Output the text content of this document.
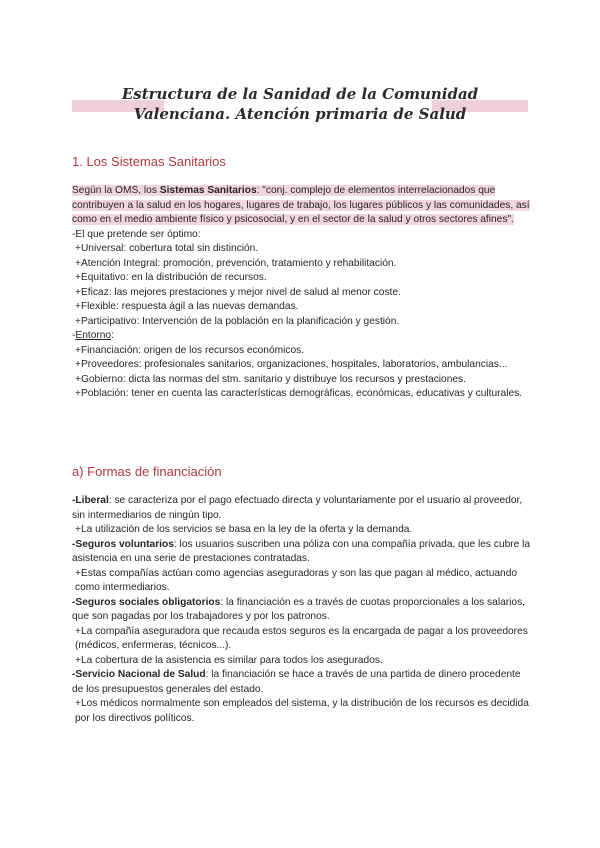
Estructura de la Sanidad de la Comunidad
Valenciana. Atención primaria de Salud
1. Los Sistemas Sanitarios

Según la OMS, los Sistemas Sanitarios: "conj. complejo de elementos interrelacionados que contribuyen a la salud en los hogares, lugares de trabajo, los lugares públicos y las comunidades, así como en el medio ambiente físico y psicosocial, y en el sector de la salud y otros sectores afines".

-El que pretende ser óptimo:

+Universal: cobertura total sin distinción.

+Atención Integral: promoción, prevención, tratamiento y rehabilitación.

+Equitativo: en la distribución de recursos.

+Eficaz: las mejores prestaciones y mejor nivel de salud al menor coste.

+Flexible: respuesta ágil a las nuevas demandas.

+Participativo: Intervención de la población en la planificación y gestión.

-Entorno:

+Financiación: origen de los recursos económicos.

+Proveedores: profesionales sanitarios, organizaciones, hospitales, laboratorios, ambulancias...

+Gobierno: dicta las normas del stm. sanitario y distribuye los recursos y prestaciones.

+Población: tener en cuenta las características demográficas, económicas, educativas y culturales.

a) Formas de financiación

-Liberal: se caracteriza por el pago efectuado directa y voluntariamente por el usuario al proveedor, sin intermediarios de ningún tipo.

+La utilización de los servicios se basa en la ley de la oferta y la demanda.

-Seguros voluntarios: los usuarios suscriben una póliza con una compañía privada, que les cubre la asistencia en una serie de prestaciones contratadas.

+Estas compañías actúan como agencias aseguradoras y son las que pagan al médico, actuando como intermediarios.

-Seguros sociales obligatorios: la financiación es a través de cuotas proporcionales a los salarios, que son pagadas por los trabajadores y por los patronos.

+La compañía aseguradora que recauda estos seguros es la encargada de pagar a los proveedores (médicos, enfermeras, técnicos...).

+La cobertura de la asistencia es similar para todos los asegurados.

-Servicio Nacional de Salud: la financiación se hace a través de una partida de dinero procedente de los presupuestos generales del estado.

+Los médicos normalmente son empleados del sistema, y la distribución de los recursos es decidida por los directivos políticos.
